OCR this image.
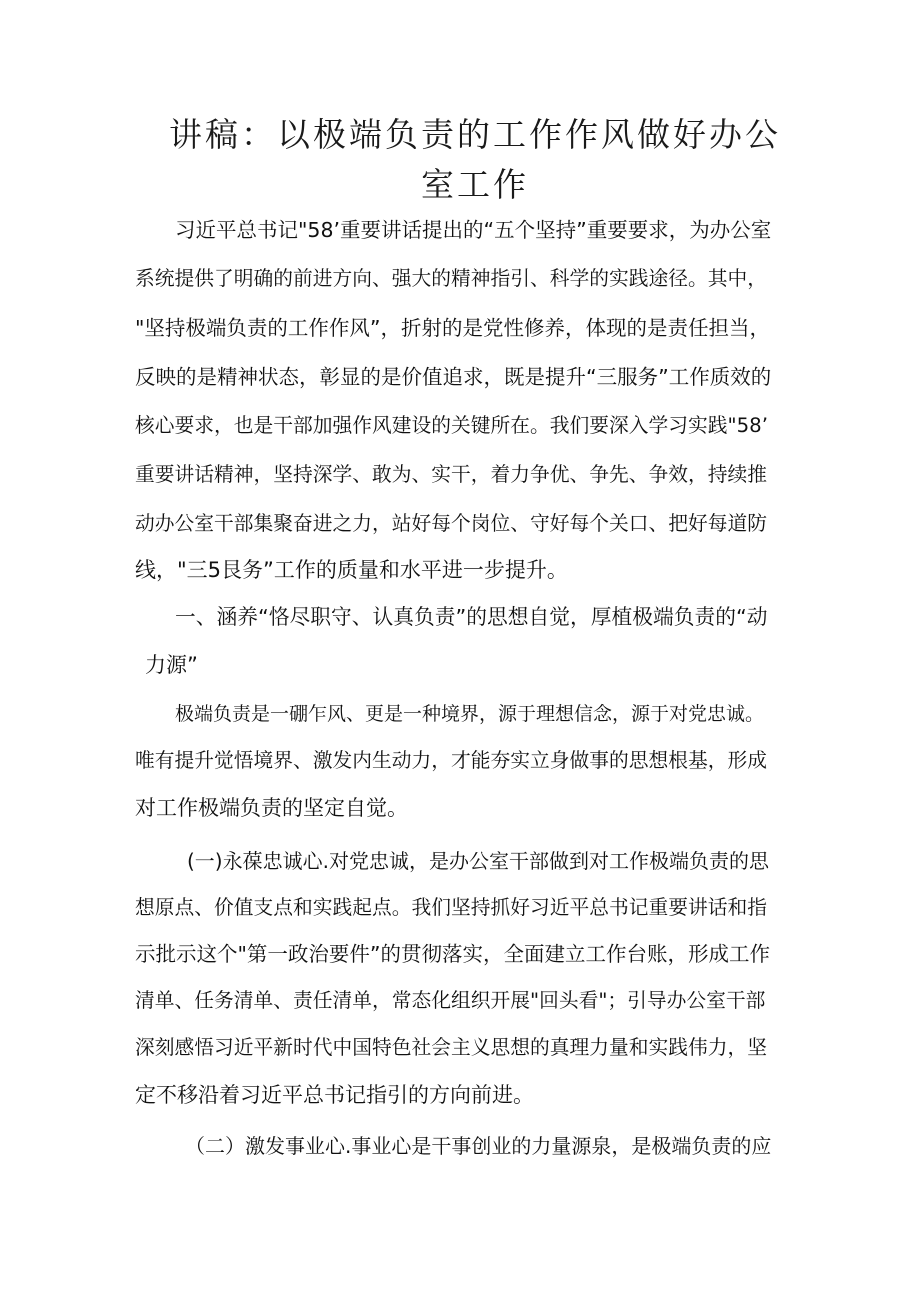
讲稿：以极端负责的工作作风做好办公
室工作

习近平总书记"58’重要讲话提出的“五个坚持”重要要求，为办公室

系统提供了明确的前进方向、强大的精神指引、科学的实践途径。其中，

"坚持极端负责的工作作风”，折射的是党性修养，体现的是责任担当，

反映的是精神状态，彰显的是价值追求，既是提升“三服务”工作质效的

核心要求，也是干部加强作风建设的关键所在。我们要深入学习实践"58’

重要讲话精神，坚持深学、敢为、实干，着力争优、争先、争效，持续推

动办公室干部集聚奋进之力，站好每个岗位、守好每个关口、把好每道防

线，"三5艮务”工作的质量和水平进一步提升。

一、涵养“恪尽职守、认真负责”的思想自觉，厚植极端负责的“动

力源”

极端负责是一硼乍风、更是一种境界，源于理想信念，源于对党忠诚。

唯有提升觉悟境界、激发内生动力，才能夯实立身做事的思想根基，形成

对工作极端负责的坚定自觉。

(一)永葆忠诚心.对党忠诚，是办公室干部做到对工作极端负责的思

想原点、价值支点和实践起点。我们坚持抓好习近平总书记重要讲话和指

示批示这个"第一政治要件”的贯彻落实，全面建立工作台账，形成工作

清单、任务清单、责任清单，常态化组织开展"回头看"；引导办公室干部

深刻感悟习近平新时代中国特色社会主义思想的真理力量和实践伟力，坚

定不移沿着习近平总书记指引的方向前进。

（二）激发事业心.事业心是干事创业的力量源泉，是极端负责的应
